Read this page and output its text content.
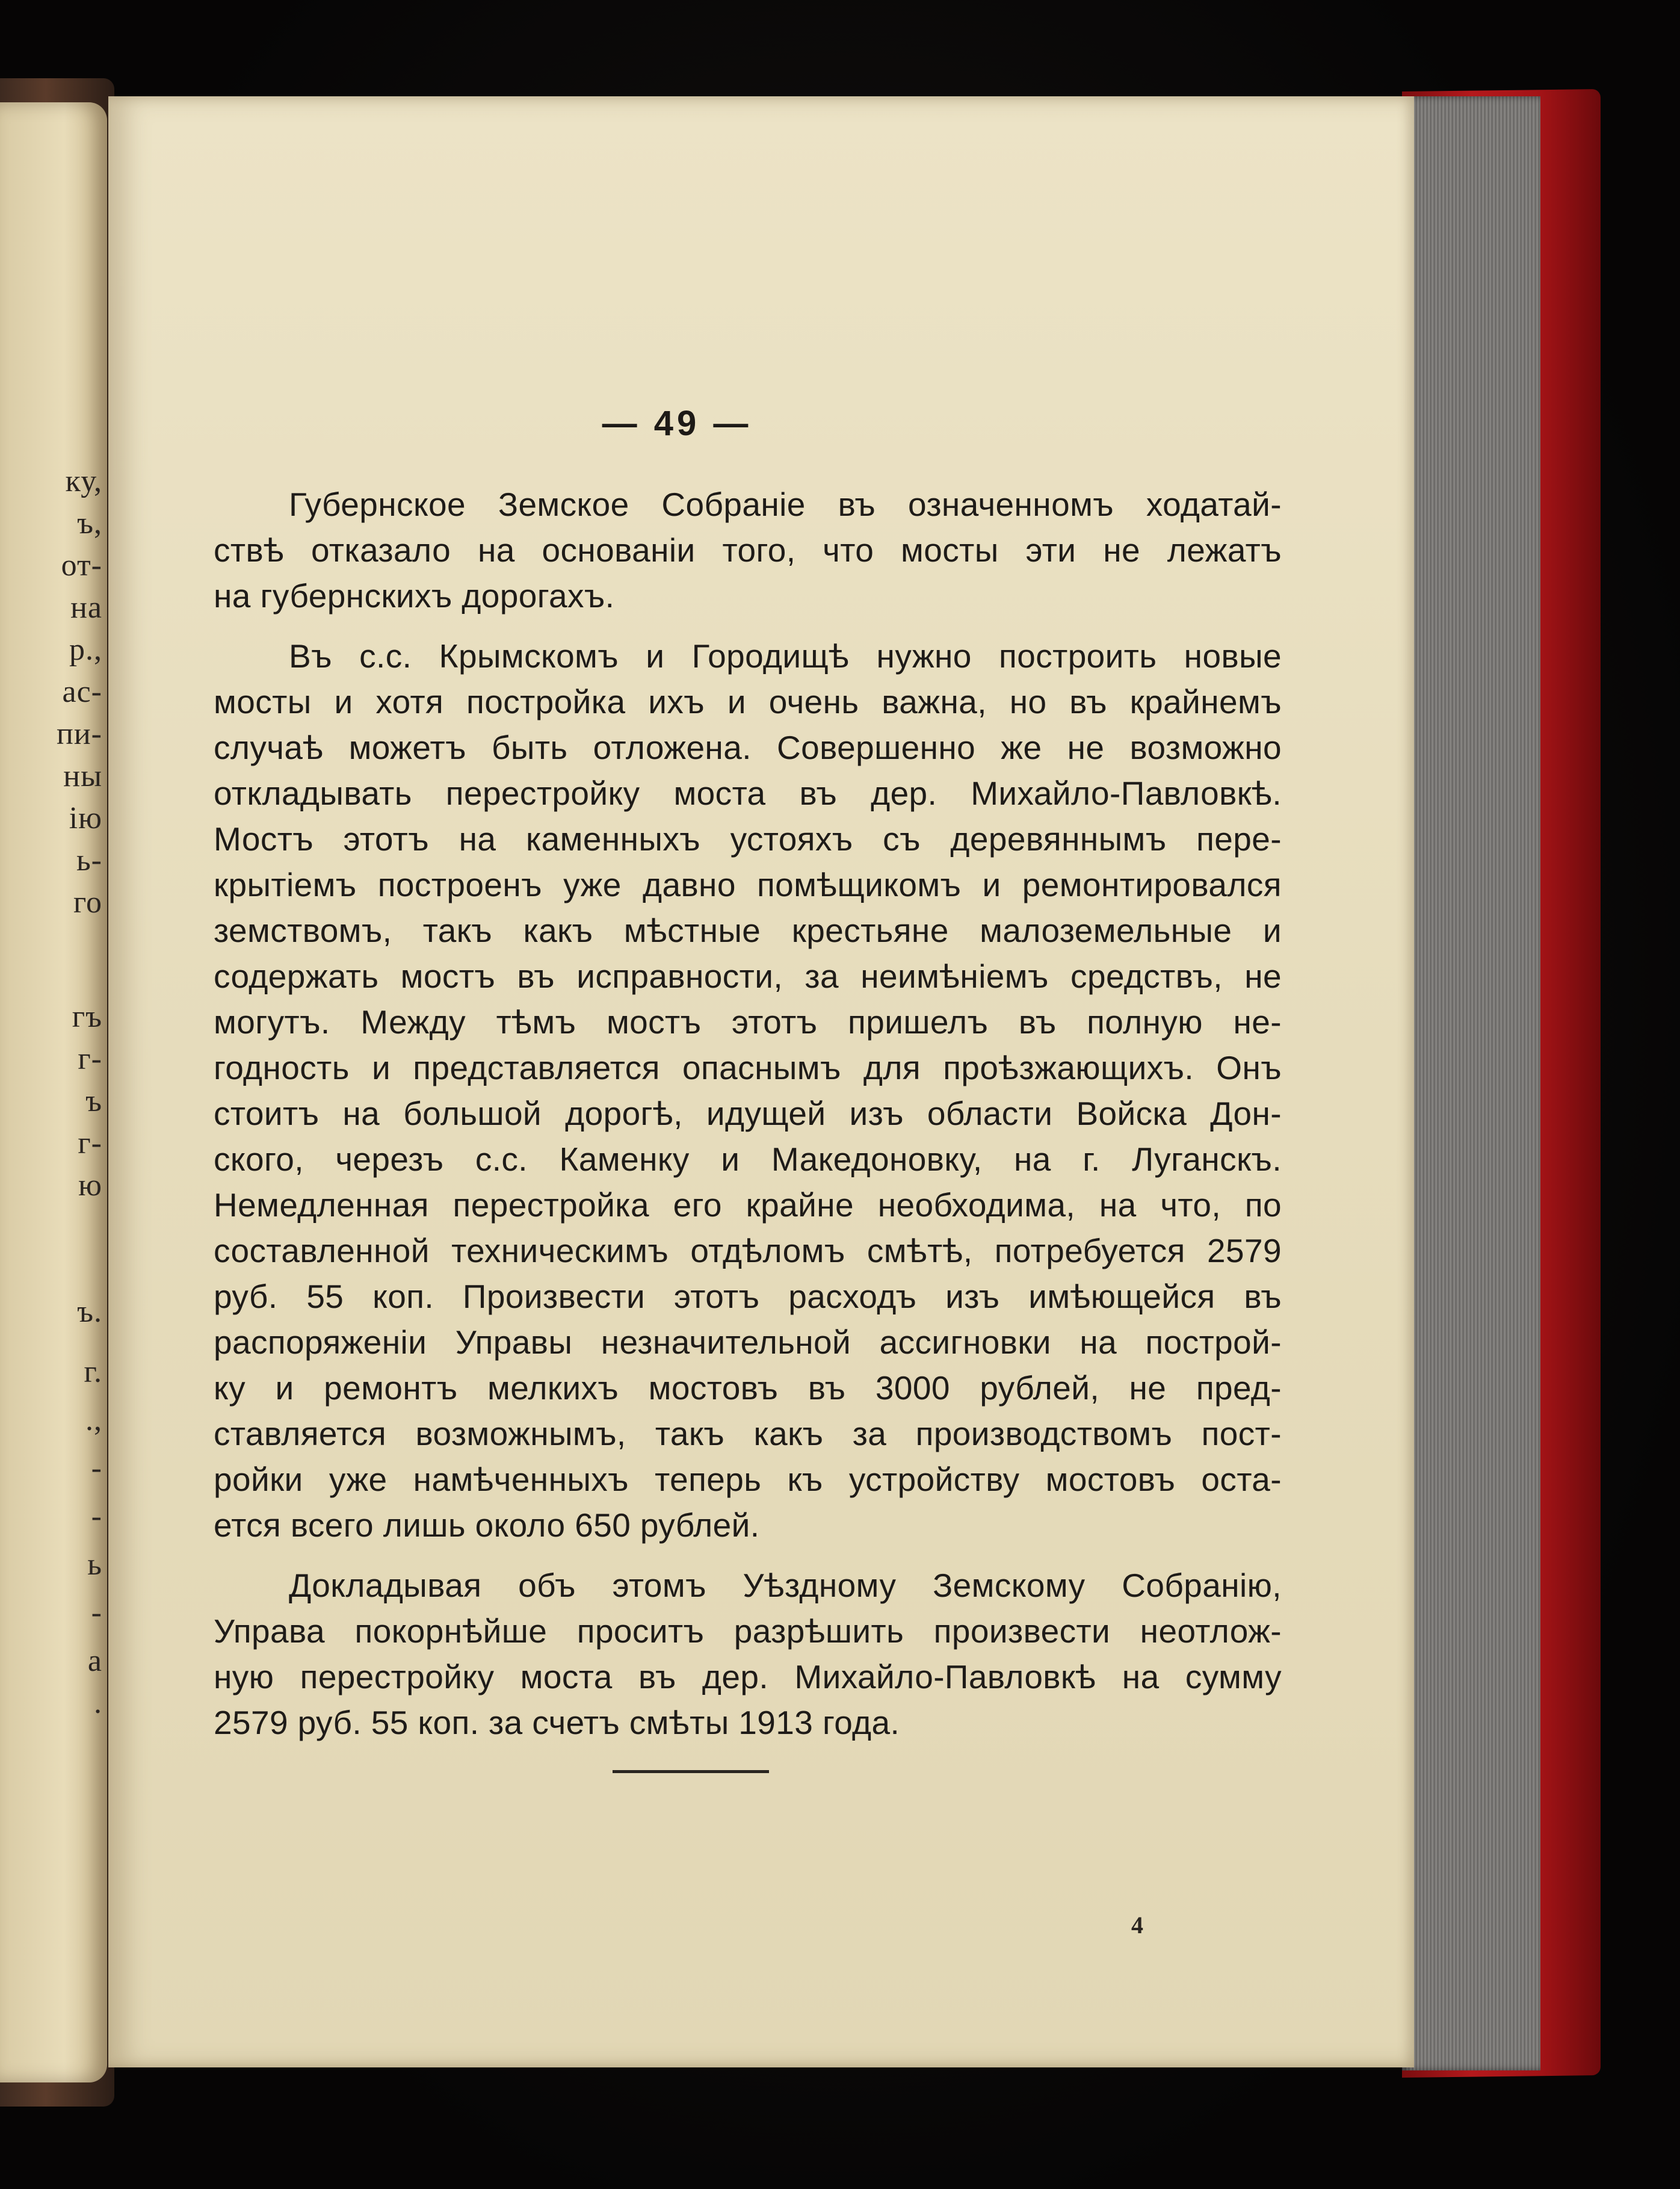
ку,
ъ,
от-
на
р.,
ас-
пи-
ны
ію
ь-
го
гъ
г-
ъ
г-
ю
ъ.
г.
.,
-
-
ь
-
а
.
— 49 —
Губернское Земское Собраніе въ означенномъ ходатай-
ствѣ отказало на основаніи того, что мосты эти не лежатъ
на губернскихъ дорогахъ.
Въ с.с. Крымскомъ и Городищѣ нужно построить новые
мосты и хотя постройка ихъ и очень важна, но въ крайнемъ
случаѣ можетъ быть отложена. Совершенно же не возможно
откладывать перестройку моста въ дер. Михайло-Павловкѣ.
Мостъ этотъ на каменныхъ устояхъ съ деревяннымъ пере-
крытіемъ построенъ уже давно помѣщикомъ и ремонтировался
земствомъ, такъ какъ мѣстные крестьяне малоземельные и
содержать мостъ въ исправности, за неимѣніемъ средствъ, не
могутъ. Между тѣмъ мостъ этотъ пришелъ въ полную не-
годность и представляется опаснымъ для проѣзжающихъ. Онъ
стоитъ на большой дорогѣ, идущей изъ области Войска Дон-
ского, черезъ с.с. Каменку и Македоновку, на г. Луганскъ.
Немедленная перестройка его крайне необходима, на что, по
составленной техническимъ отдѣломъ смѣтѣ, потребуется 2579
руб. 55 коп. Произвести этотъ расходъ изъ имѣющейся въ
распоряженіи Управы незначительной ассигновки на построй-
ку и ремонтъ мелкихъ мостовъ въ 3000 рублей, не пред-
ставляется возможнымъ, такъ какъ за производствомъ пост-
ройки уже намѣченныхъ теперь къ устройству мостовъ оста-
ется всего лишь около 650 рублей.
Докладывая объ этомъ Уѣздному Земскому Собранію,
Управа покорнѣйше проситъ разрѣшить произвести неотлож-
ную перестройку моста въ дер. Михайло-Павловкѣ на сумму
2579 руб. 55 коп. за счетъ смѣты 1913 года.
4
